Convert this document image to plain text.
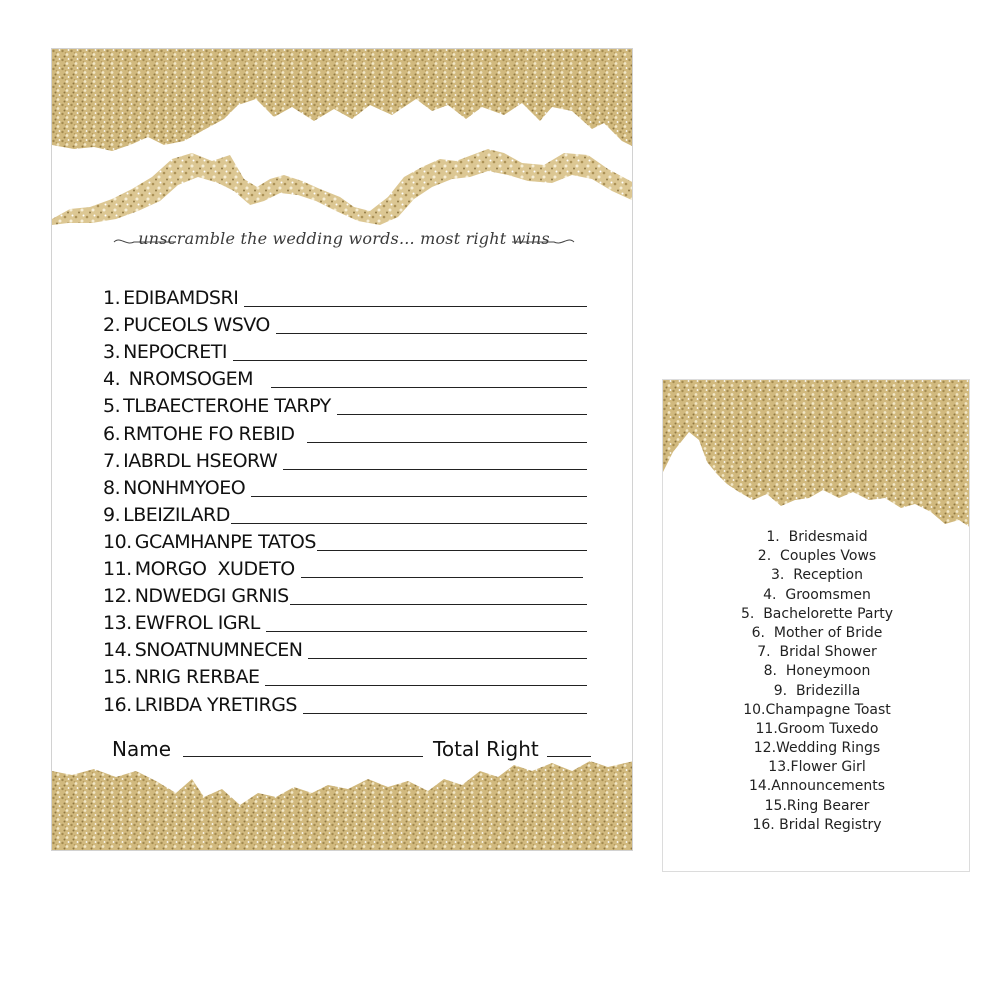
unscramble the wedding words... most right wins
1. EDIBAMDSRI
2. PUCEOLS WSVO
3. NEPOCRETI
4. NROMSOGEM
5. TLBAECTEROHE TARPY
6. RMTOHE FO REBID
7. IABRDL HSEORW
8. NONHMYOEO
9. LBEIZILARD
10. GCAMHANPE TATOS
11. MORGO  XUDETO
12. NDWEDGI GRNIS
13. EWFROL IGRL
14. SNOATNUMNECEN
15. NRIG RERBAE
16. LRIBDA YRETIRGS
Name	Total Right
1.  Bridesmaid
2.  Couples Vows
3.  Reception
4.  Groomsmen
5.  Bachelorette Party
6.  Mother of Bride
7.  Bridal Shower
8.  Honeymoon
9.  Bridezilla
10.Champagne Toast
11.Groom Tuxedo
12.Wedding Rings
13.Flower Girl
14.Announcements
15.Ring Bearer
16. Bridal Registry
